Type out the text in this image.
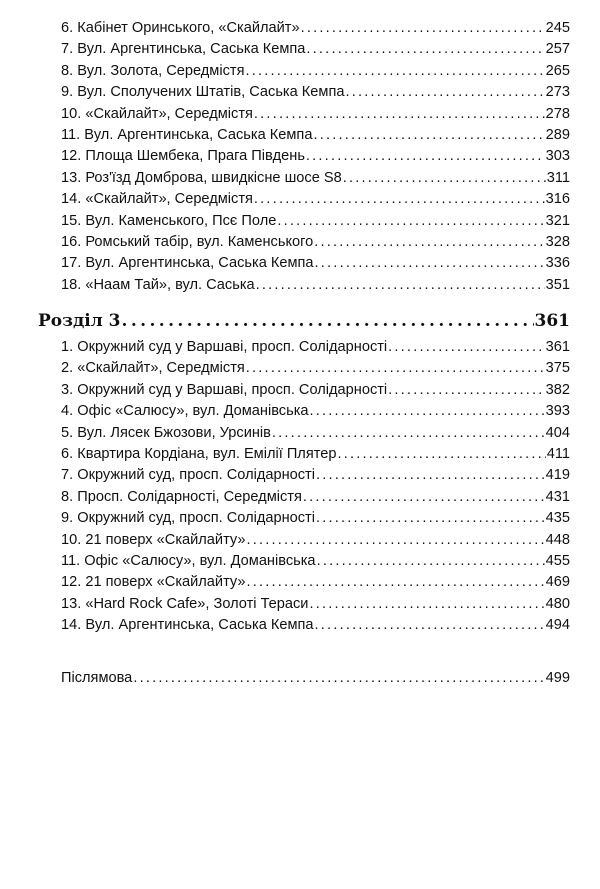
6. Кабінет Оринського, «Скайлайт» .....	245
7. Вул. Аргентинська, Саська Кемпа .....	257
8. Вул. Золота, Середмістя .....	265
9. Вул. Сполучених Штатів, Саська Кемпа .....	273
10. «Скайлайт», Середмістя .....	278
11. Вул. Аргентинська, Саська Кемпа .....	289
12. Площа Шембека, Прага Південь .....	303
13. Роз'їзд Домброва, швидкісне шосе S8 .....	311
14. «Скайлайт», Середмістя .....	316
15. Вул. Каменського, Псє Поле .....	321
16. Ромський табір, вул. Каменського .....	328
17. Вул. Аргентинська, Саська Кемпа .....	336
18. «Наам Тай», вул. Саська .....	351
Розділ 3 .....	361
1. Окружний суд у Варшаві, просп. Солідарності .....	361
2. «Скайлайт», Середмістя .....	375
3. Окружний суд у Варшаві, просп. Солідарності .....	382
4. Офіс «Салюсу», вул. Доманівська .....	393
5. Вул. Лясек Бжозови, Урсинів .....	404
6. Квартира Кордіана, вул. Емілії Плятер .....	411
7. Окружний суд, просп. Солідарності .....	419
8. Просп. Солідарності, Середмістя .....	431
9. Окружний суд, просп. Солідарності .....	435
10. 21 поверх «Скайлайту» .....	448
11. Офіс «Салюсу», вул. Доманівська .....	455
12. 21 поверх «Скайлайту» .....	469
13. «Hard Rock Cafe», Золоті Тераси .....	480
14. Вул. Аргентинська, Саська Кемпа .....	494
Післямова .....	499
